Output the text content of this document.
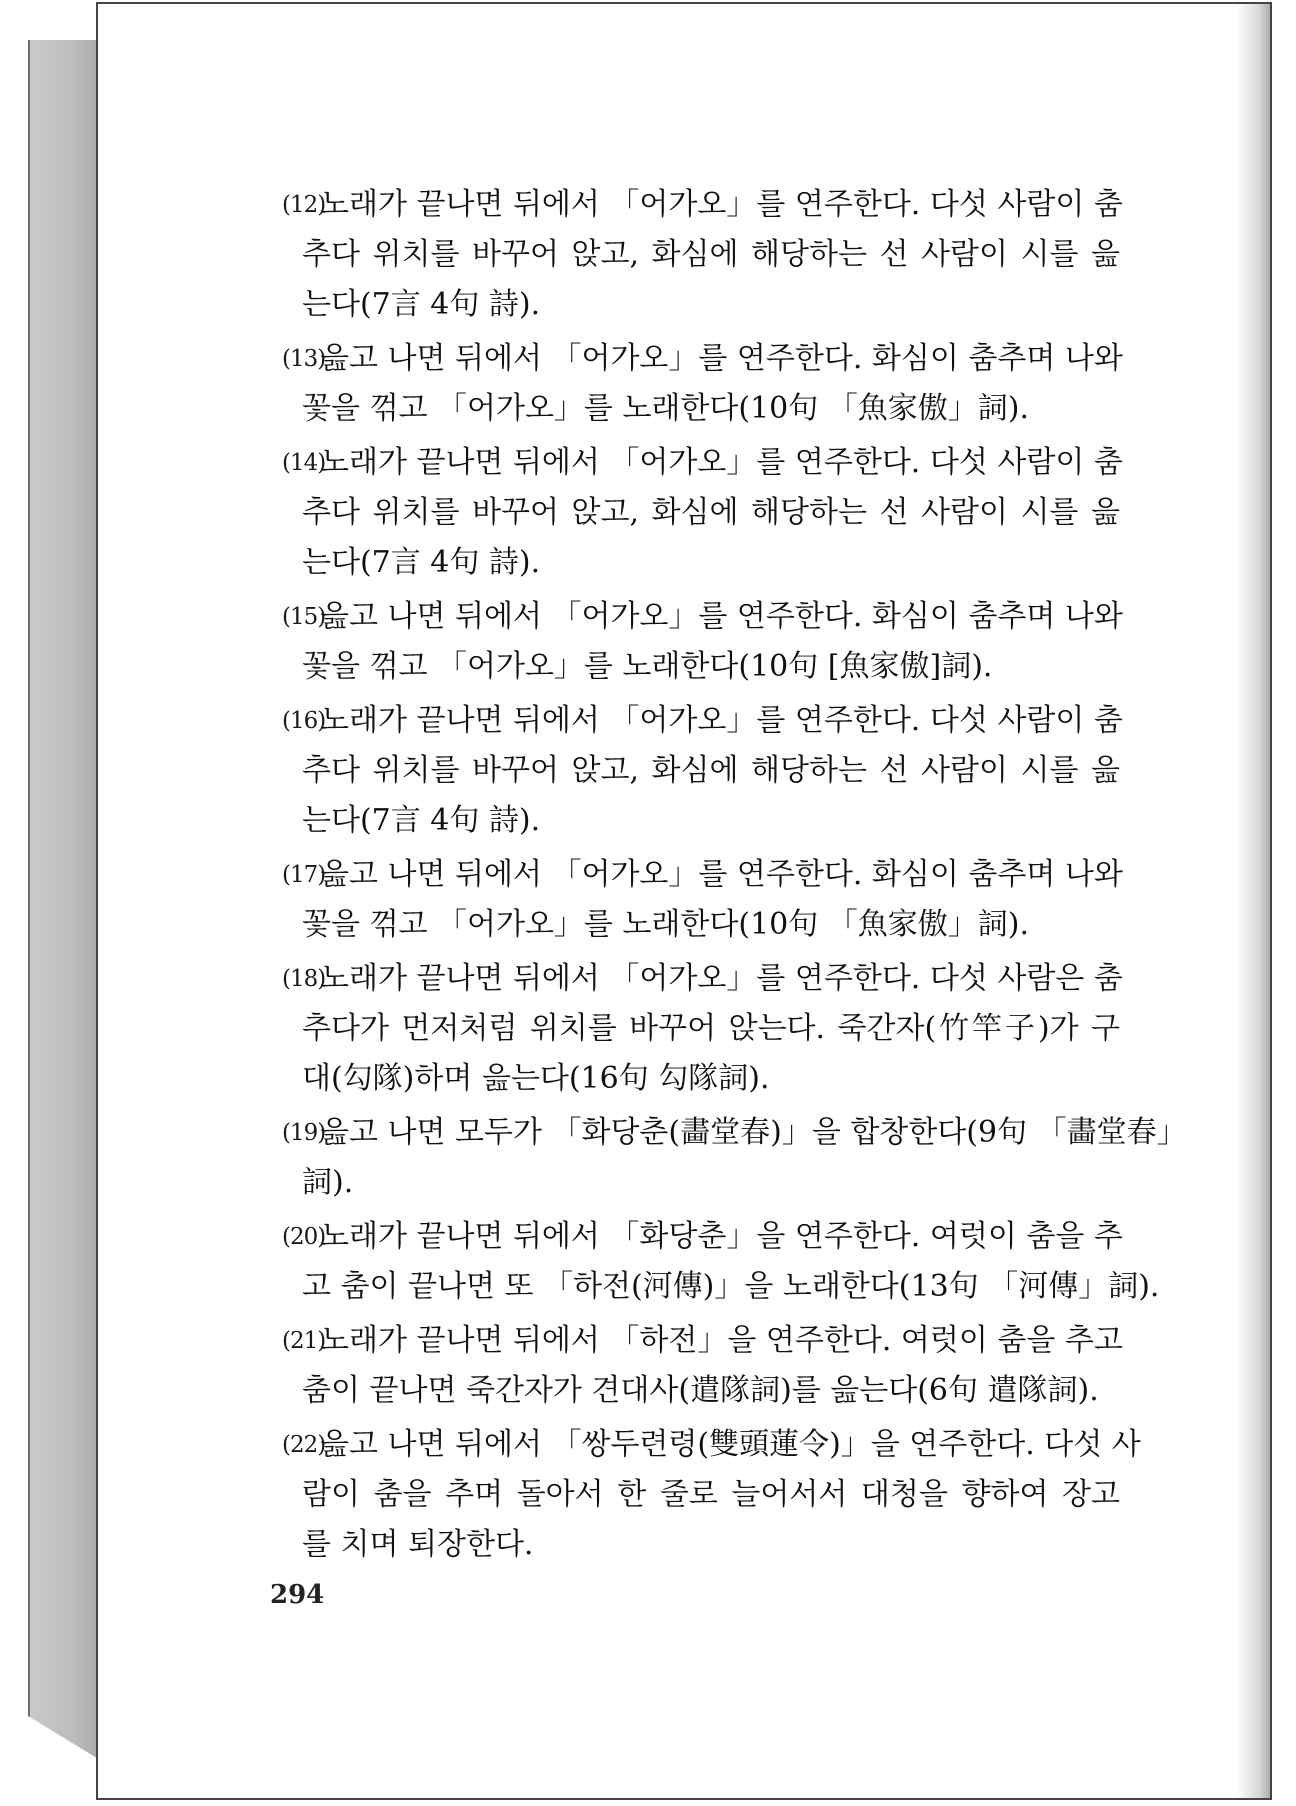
(12)
노래가 끝나면 뒤에서 「어가오」를 연주한다. 다섯 사람이 춤
추다 위치를 바꾸어 앉고, 화심에 해당하는 선 사람이 시를 읊
는다(7言 4句 詩).
(13)
읊고 나면 뒤에서 「어가오」를 연주한다. 화심이 춤추며 나와
꽃을 꺾고 「어가오」를 노래한다(10句 「魚家傲」詞).
(14)
노래가 끝나면 뒤에서 「어가오」를 연주한다. 다섯 사람이 춤
추다 위치를 바꾸어 앉고, 화심에 해당하는 선 사람이 시를 읊
는다(7言 4句 詩).
(15)
읊고 나면 뒤에서 「어가오」를 연주한다. 화심이 춤추며 나와
꽃을 꺾고 「어가오」를 노래한다(10句 [魚家傲]詞).
(16)
노래가 끝나면 뒤에서 「어가오」를 연주한다. 다섯 사람이 춤
추다 위치를 바꾸어 앉고, 화심에 해당하는 선 사람이 시를 읊
는다(7言 4句 詩).
(17)
읊고 나면 뒤에서 「어가오」를 연주한다. 화심이 춤추며 나와
꽃을 꺾고 「어가오」를 노래한다(10句 「魚家傲」詞).
(18)
노래가 끝나면 뒤에서 「어가오」를 연주한다. 다섯 사람은 춤
추다가 먼저처럼 위치를 바꾸어 앉는다. 죽간자(竹竿子)가 구
대(勾隊)하며 읊는다(16句 勾隊詞).
(19)
읊고 나면 모두가 「화당춘(畵堂春)」을 합창한다(9句 「畵堂春」
詞).
(20)
노래가 끝나면 뒤에서 「화당춘」을 연주한다. 여럿이 춤을 추
고 춤이 끝나면 또 「하전(河傳)」을 노래한다(13句 「河傳」詞).
(21)
노래가 끝나면 뒤에서 「하전」을 연주한다. 여럿이 춤을 추고
춤이 끝나면 죽간자가 견대사(遣隊詞)를 읊는다(6句 遣隊詞).
(22)
읊고 나면 뒤에서 「쌍두련령(雙頭蓮令)」을 연주한다. 다섯 사
람이 춤을 추며 돌아서 한 줄로 늘어서서 대청을 향하여 장고
를 치며 퇴장한다.
294
